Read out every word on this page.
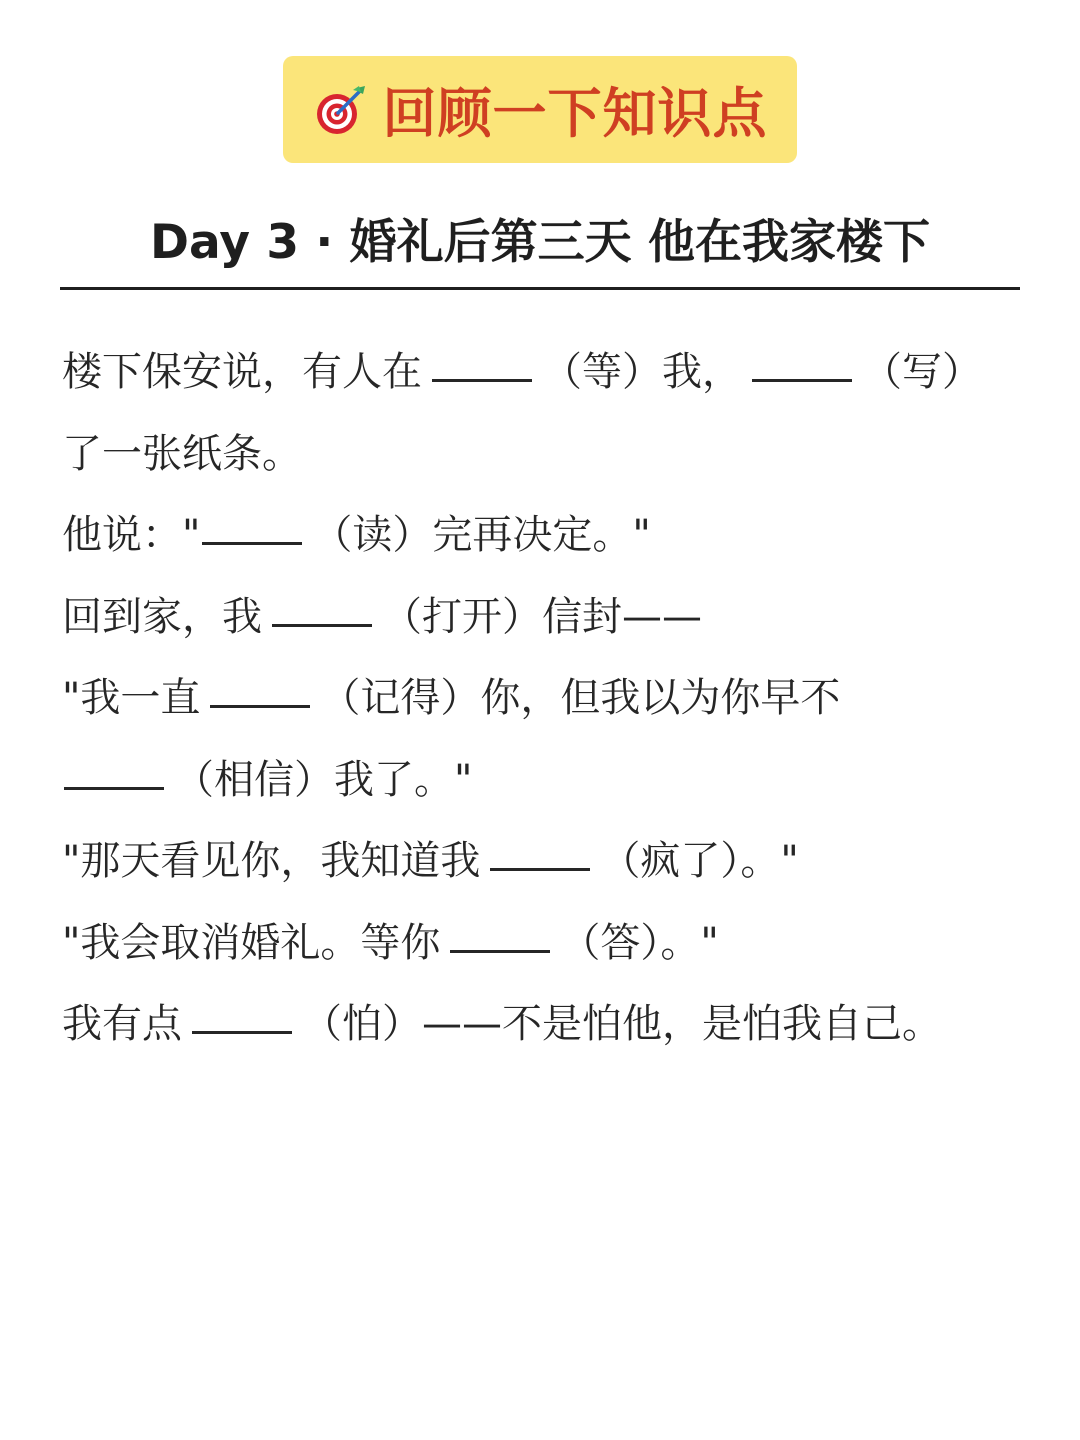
回顾一下知识点
Day 3 · 婚礼后第三天 他在我家楼下
楼下保安说，有人在	（等）我，	（写）
了一张纸条。
他说："	（读）完再决定。"
回到家，我	（打开）信封——
"我一直	（记得）你，但我以为你早不
（相信）我了。"
"那天看见你，我知道我	（疯了）。"
"我会取消婚礼。等你	（答）。"
我有点	（怕）——不是怕他，是怕我自己。
